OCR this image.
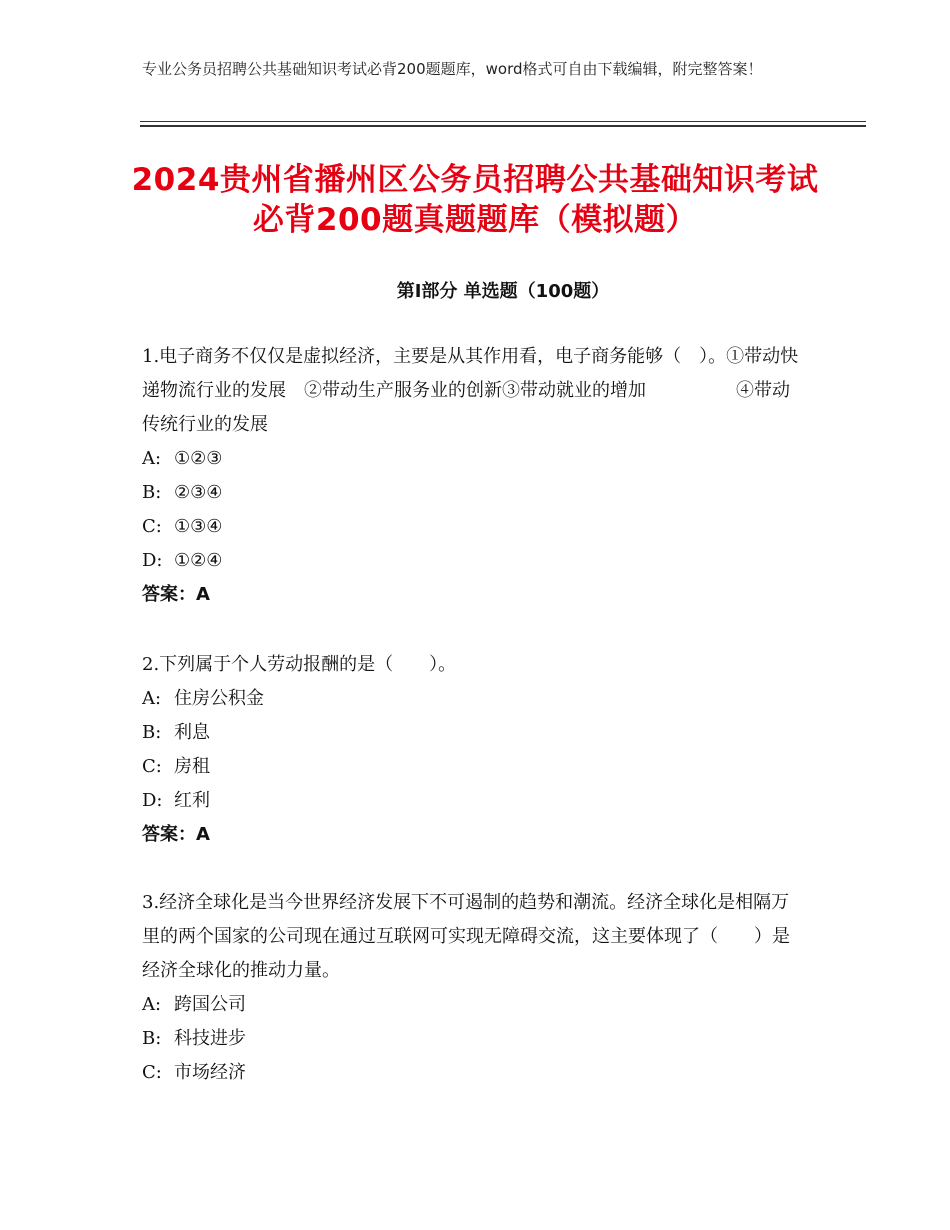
专业公务员招聘公共基础知识考试必背200题题库，word格式可自由下载编辑，附完整答案！
2024贵州省播州区公务员招聘公共基础知识考试必背200题真题题库（模拟题）
第Ⅰ部分 单选题（100题）

1.电子商务不仅仅是虚拟经济，主要是从其作用看，电子商务能够（　）。①带动快递物流行业的发展　②带动生产服务业的创新③带动就业的增加　　　　　④带动传统行业的发展

A: ①②③

B: ②③④

C: ①③④

D: ①②④

答案：A

2.下列属于个人劳动报酬的是（　　）。

A: 住房公积金

B: 利息

C: 房租

D: 红利

答案：A

3.经济全球化是当今世界经济发展下不可遏制的趋势和潮流。经济全球化是相隔万里的两个国家的公司现在通过互联网可实现无障碍交流，这主要体现了（　　）是经济全球化的推动力量。

A: 跨国公司

B: 科技进步

C: 市场经济
